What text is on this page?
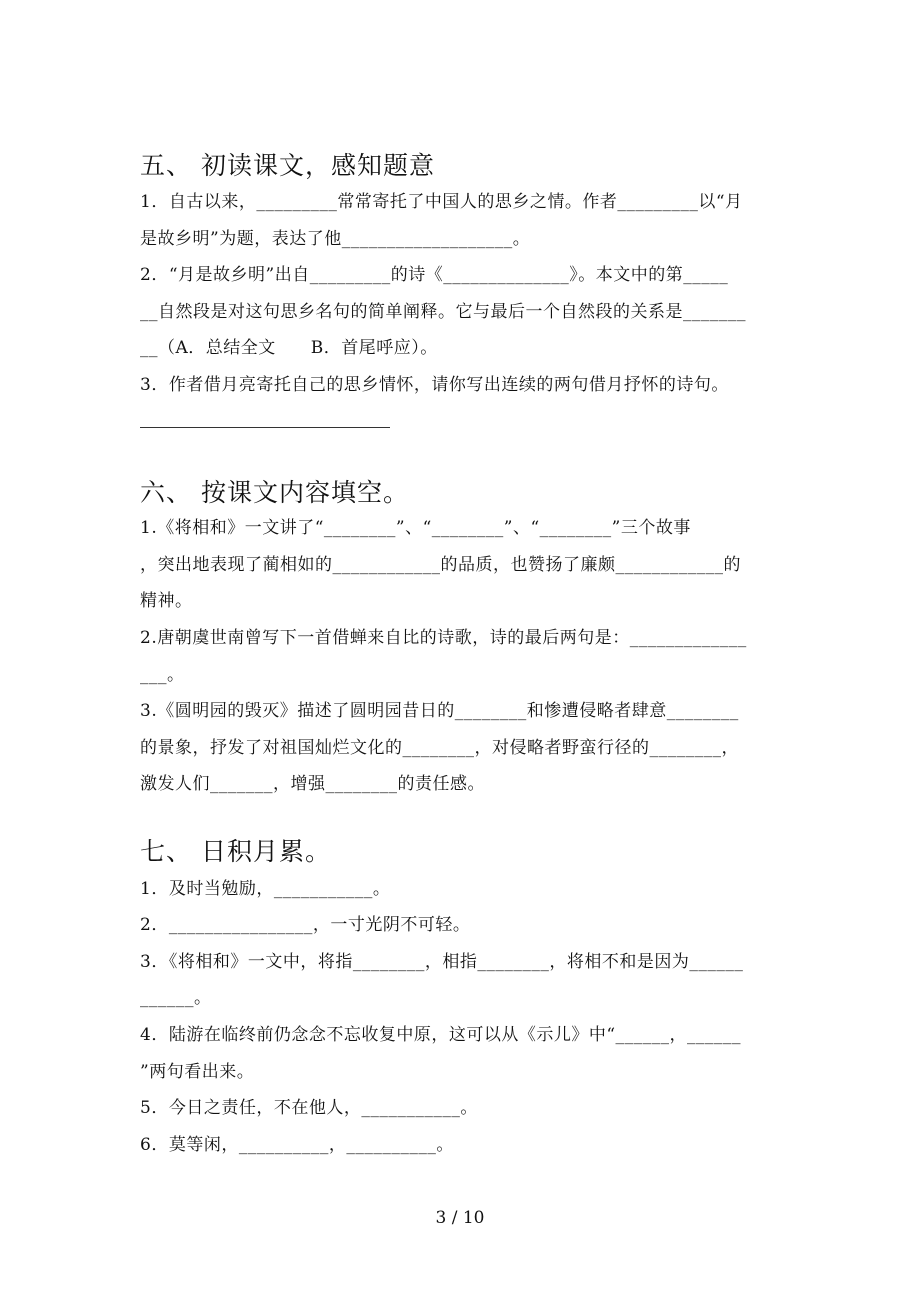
五、 初读课文，感知题意

1．自古以来，_________常常寄托了中国人的思乡之情。作者_________以“月

是故乡明”为题，表达了他___________________。

2．“月是故乡明”出自_________的诗《______________》。本文中的第_____

__自然段是对这句思乡名句的简单阐释。它与最后一个自然段的关系是_______

__（A．总结全文　　B．首尾呼应）。

3．作者借月亮寄托自己的思乡情怀，请你写出连续的两句借月抒怀的诗句。

六、 按课文内容填空。

1.《将相和》一文讲了“________”、“________”、“________”三个故事

，突出地表现了蔺相如的____________的品质，也赞扬了廉颇____________的

精神。

2.唐朝虞世南曾写下一首借蝉来自比的诗歌，诗的最后两句是：_____________

___。

3.《圆明园的毁灭》描述了圆明园昔日的________和惨遭侵略者肆意________

的景象，抒发了对祖国灿烂文化的________，对侵略者野蛮行径的________，

激发人们_______，增强________的责任感。

七、 日积月累。

1．及时当勉励，___________。

2．________________，一寸光阴不可轻。

3．《将相和》一文中，将指________，相指________，将相不和是因为______

______。

4．陆游在临终前仍念念不忘收复中原，这可以从《示儿》中“______，______

”两句看出来。

5．今日之责任，不在他人，___________。

6．莫等闲，__________，__________。

3 / 10
